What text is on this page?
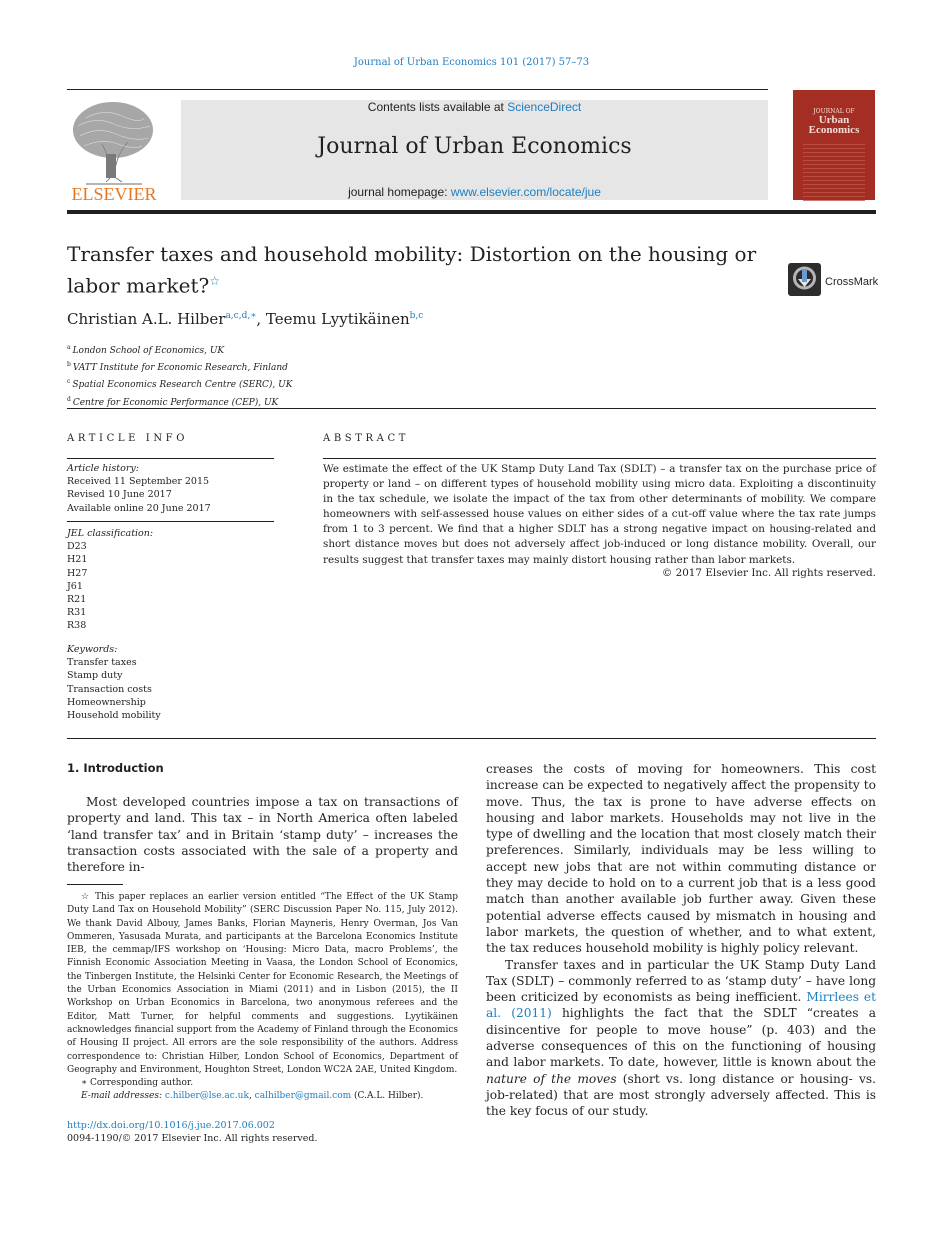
Journal of Urban Economics 101 (2017) 57–73
ELSEVIER
Contents lists available at ScienceDirect
Journal of Urban Economics
journal homepage: www.elsevier.com/locate/jue
JOURNAL OF
Urban
Economics
Transfer taxes and household mobility: Distortion on the housing or labor market?☆	CrossMark
Christian A.L. Hilber$^{a,c,d,∗}$, Teemu Lyytikäinen$^{b,c}$
$^a$ London School of Economics, UK
$^b$ VATT Institute for Economic Research, Finland
$^c$ Spatial Economics Research Centre (SERC), UK
$^d$ Centre for Economic Performance (CEP), UK
ARTICLE INFO
Article history:
Received 11 September 2015
Revised 10 June 2017
Available online 20 June 2017
JEL classification:
D23
H21
H27
J61
R21
R31
R38
Keywords:
Transfer taxes
Stamp duty
Transaction costs
Homeownership
Household mobility
ABSTRACT
We estimate the effect of the UK Stamp Duty Land Tax (SDLT) – a transfer tax on the purchase price of property or land – on different types of household mobility using micro data. Exploiting a discontinuity in the tax schedule, we isolate the impact of the tax from other determinants of mobility. We compare homeowners with self-assessed house values on either sides of a cut-off value where the tax rate jumps from 1 to 3 percent. We find that a higher SDLT has a strong negative impact on housing-related and short distance moves but does not adversely affect job-induced or long distance mobility. Overall, our results suggest that transfer taxes may mainly distort housing rather than labor markets.
© 2017 Elsevier Inc. All rights reserved.
1. Introduction
Most developed countries impose a tax on transactions of property and land. This tax – in North America often labeled ‘land transfer tax’ and in Britain ‘stamp duty’ – increases the transaction costs associated with the sale of a property and therefore in-

creases the costs of moving for homeowners. This cost increase can be expected to negatively affect the propensity to move. Thus, the tax is prone to have adverse effects on housing and labor markets. Households may not live in the type of dwelling and the location that most closely match their preferences. Similarly, individuals may be less willing to accept new jobs that are not within commuting distance or they may decide to hold on to a current job that is a less good match than another available job further away. Given these potential adverse effects caused by mismatch in housing and labor markets, the question of whether, and to what extent, the tax reduces household mobility is highly policy relevant.

Transfer taxes and in particular the UK Stamp Duty Land Tax (SDLT) – commonly referred to as ‘stamp duty’ – have long been criticized by economists as being inefficient. Mirrlees et al. (2011) highlights the fact that the SDLT “creates a disincentive for people to move house” (p. 403) and the adverse consequences of this on the functioning of housing and labor markets. To date, however, little is known about the nature of the moves (short vs. long distance or housing- vs. job-related) that are most strongly adversely affected. This is the key focus of our study.

☆ This paper replaces an earlier version entitled “The Effect of the UK Stamp Duty Land Tax on Household Mobility” (SERC Discussion Paper No. 115, July 2012). We thank David Albouy, James Banks, Florian Mayneris, Henry Overman, Jos Van Ommeren, Yasusada Murata, and participants at the Barcelona Economics Institute IEB, the cemmap/IFS workshop on ‘Housing: Micro Data, macro Problems’, the Finnish Economic Association Meeting in Vaasa, the London School of Economics, the Tinbergen Institute, the Helsinki Center for Economic Research, the Meetings of the Urban Economics Association in Miami (2011) and in Lisbon (2015), the II Workshop on Urban Economics in Barcelona, two anonymous referees and the Editor, Matt Turner, for helpful comments and suggestions. Lyytikäinen acknowledges financial support from the Academy of Finland through the Economics of Housing II project. All errors are the sole responsibility of the authors. Address correspondence to: Christian Hilber, London School of Economics, Department of Geography and Environment, Houghton Street, London WC2A 2AE, United Kingdom.

∗ Corresponding author.

E-mail addresses: c.hilber@lse.ac.uk, calhilber@gmail.com (C.A.L. Hilber).

http://dx.doi.org/10.1016/j.jue.2017.06.002
0094-1190/© 2017 Elsevier Inc. All rights reserved.
